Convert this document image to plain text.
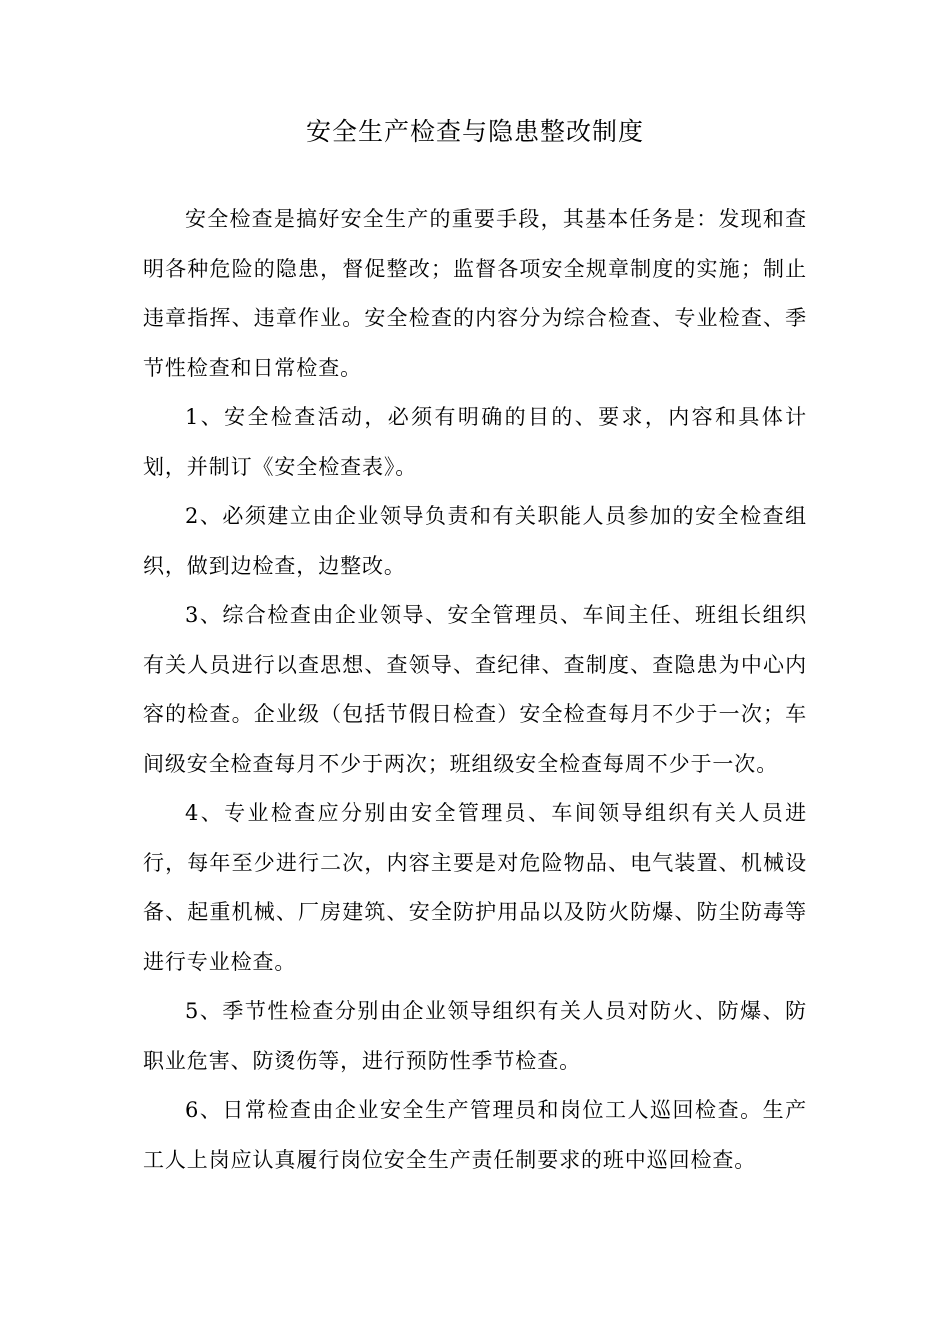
安全生产检查与隐患整改制度

安全检查是搞好安全生产的重要手段，其基本任务是：发现和查明各种危险的隐患，督促整改；监督各项安全规章制度的实施；制止违章指挥、违章作业。安全检查的内容分为综合检查、专业检查、季节性检查和日常检查。

1、安全检查活动，必须有明确的目的、要求，内容和具体计划，并制订《安全检查表》。

2、必须建立由企业领导负责和有关职能人员参加的安全检查组织，做到边检查，边整改。

3、综合检查由企业领导、安全管理员、车间主任、班组长组织有关人员进行以查思想、查领导、查纪律、查制度、查隐患为中心内容的检查。企业级（包括节假日检查）安全检查每月不少于一次；车间级安全检查每月不少于两次；班组级安全检查每周不少于一次。

4、专业检查应分别由安全管理员、车间领导组织有关人员进行，每年至少进行二次，内容主要是对危险物品、电气装置、机械设备、起重机械、厂房建筑、安全防护用品以及防火防爆、防尘防毒等进行专业检查。

5、季节性检查分别由企业领导组织有关人员对防火、防爆、防职业危害、防烫伤等，进行预防性季节检查。

6、日常检查由企业安全生产管理员和岗位工人巡回检查。生产工人上岗应认真履行岗位安全生产责任制要求的班中巡回检查。
